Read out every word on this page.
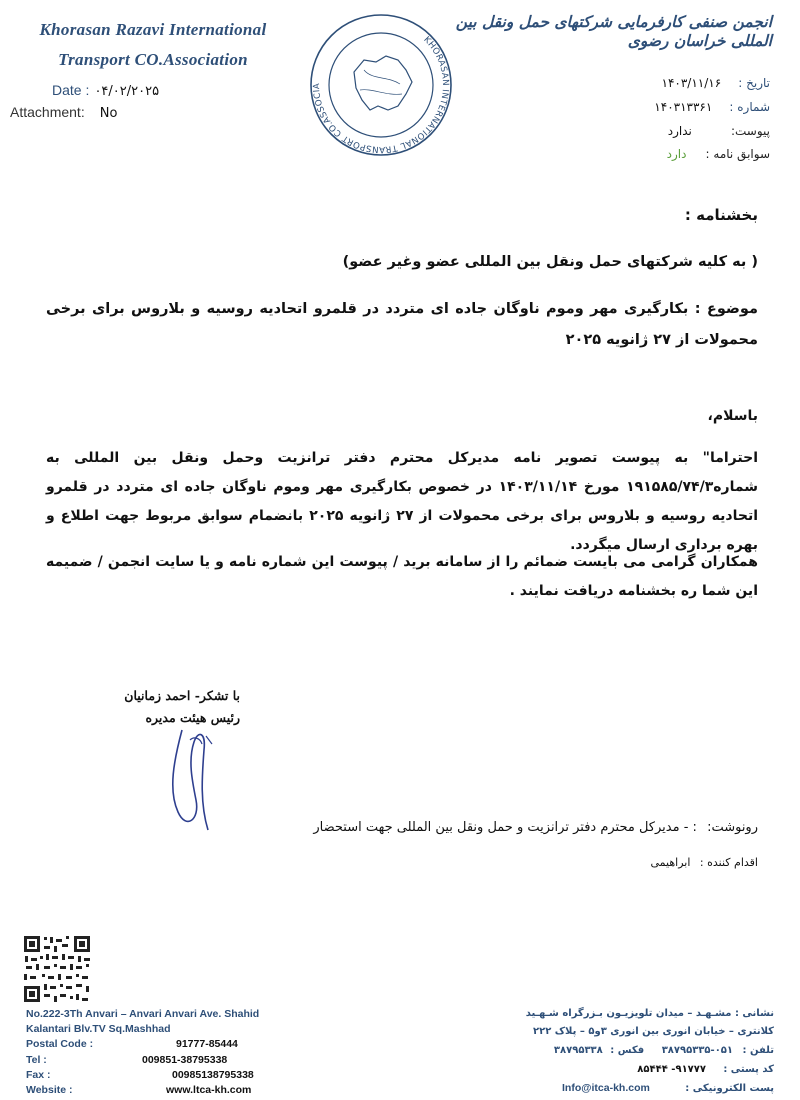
Khorasan Razavi International
Transport CO.Association
Date : ۰۴/۰۲/۲۰۲۵
Attachment: No
KHORASAN INTERNATIONAL TRANSPORT CO.ASSOCIA
انجمن صنفی کارفرمایی شرکتهای حمل ونقل بین المللی خراسان رضوی
تاریخ : ۱۴۰۳/۱۱/۱۶
شماره : ۱۴۰۳۱۳۳۶۱
پیوست: ندارد
سوابق نامه : دارد
بخشنامه :
( به کلیه شرکتهای حمل ونقل بین المللی عضو وغیر عضو)
موضوع : بکارگیری مهر وموم ناوگان جاده ای متردد در قلمرو اتحادیه روسیه و بلاروس برای برخی محمولات از ۲۷ ژانویه ۲۰۲۵
باسلام،
احتراما" به پیوست تصویر نامه مدیرکل محترم دفتر ترانزیت وحمل ونقل بین المللی به شماره۱۹۱۵۸۵/۷۴/۳ مورخ ۱۴۰۳/۱۱/۱۴ در خصوص بکارگیری مهر وموم ناوگان جاده ای متردد در قلمرو اتحادیه روسیه و بلاروس برای برخی محمولات از ۲۷ ژانویه ۲۰۲۵ بانضمام سوابق مربوط جهت اطلاع و بهره برداری ارسال میگردد.
همکاران گرامی می بایست ضمائم را از سامانه برید / پیوست این شماره نامه و یا سایت انجمن / ضمیمه این شما ره بخشنامه دریافت نمایند .
با تشکر- احمد زمانیان
رئیس هیئت مدیره
رونوشت: : - مدیرکل محترم دفتر ترانزیت و حمل ونقل بین المللی جهت استحضار
اقدام کننده : ابراهیمی
No.222-3Th Anvari – Anvari Anvari Ave. Shahid
Kalantari Blv.TV Sq.Mashhad
Postal Code :	91777-85444
Tel :	009851-38795338
Fax :	00985138795338
Website :	www.ltca-kh.com
نشانی : مشـهـد – میدان تلویزیـون بـزرگراه شـهـید
کلانتری – خیابان انوری بین انوری ۳و۵ – پلاک ۲۲۲
تلفن : ۰۵۱-۳۸۷۹۵۳۳۵ فکس : ۳۸۷۹۵۳۳۸
کد پستی :
۹۱۷۷۷- ۸۵۴۴۴
پست الکترونیکی :
Info@itca-kh.com
